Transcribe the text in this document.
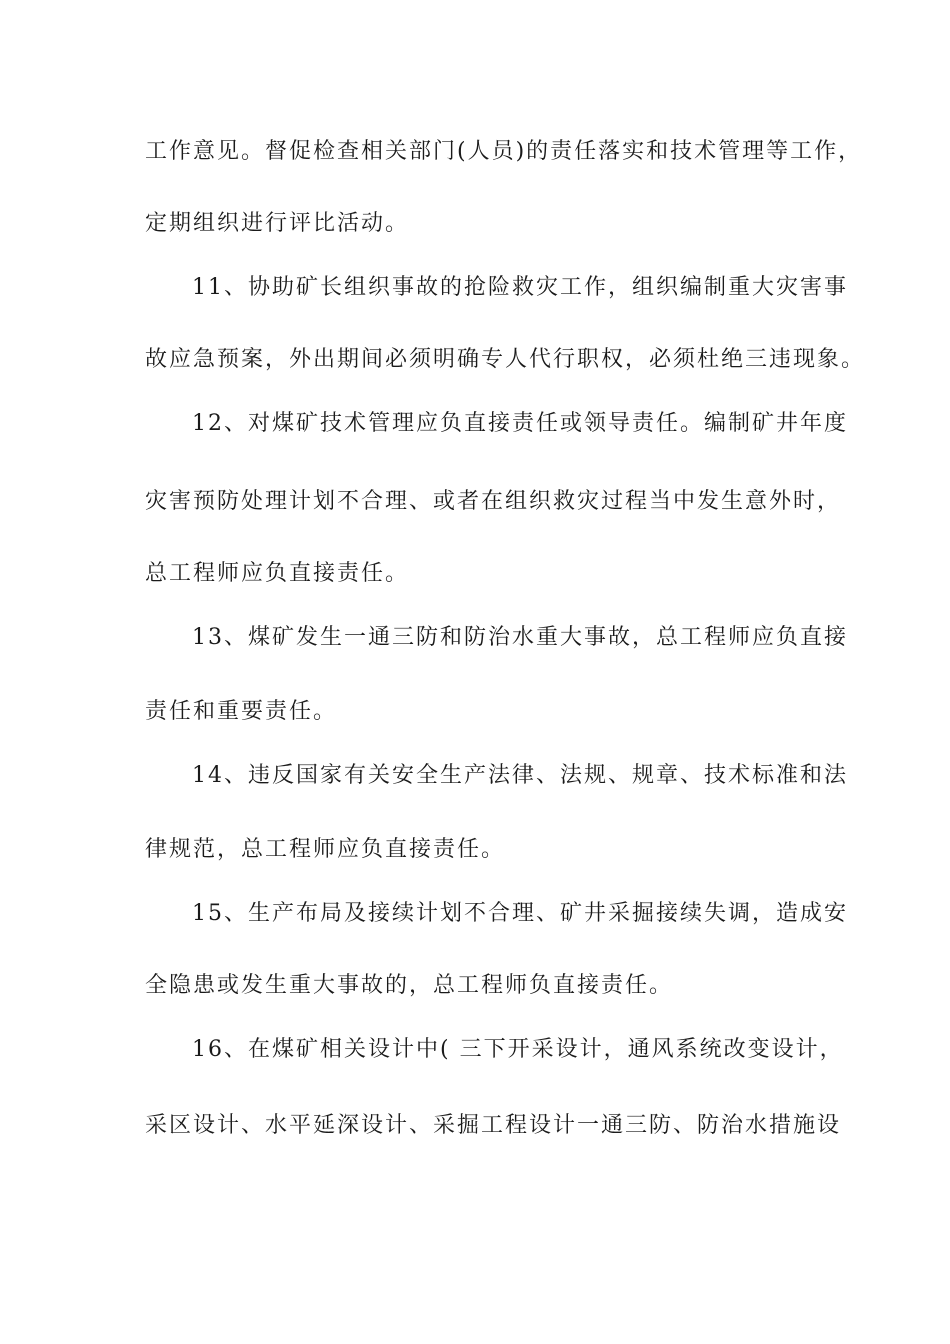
工作意见。督促检查相关部门(人员)的责任落实和技术管理等工作，
定期组织进行评比活动。
11、协助矿长组织事故的抢险救灾工作，组织编制重大灾害事
故应急预案，外出期间必须明确专人代行职权，必须杜绝三违现象。
12、对煤矿技术管理应负直接责任或领导责任。编制矿井年度
灾害预防处理计划不合理、或者在组织救灾过程当中发生意外时，
总工程师应负直接责任。
13、煤矿发生一通三防和防治水重大事故，总工程师应负直接
责任和重要责任。
14、违反国家有关安全生产法律、法规、规章、技术标准和法
律规范，总工程师应负直接责任。
15、生产布局及接续计划不合理、矿井采掘接续失调，造成安
全隐患或发生重大事故的，总工程师负直接责任。
16、在煤矿相关设计中( 三下开采设计，通风系统改变设计，
采区设计、水平延深设计、采掘工程设计一通三防、防治水措施设
